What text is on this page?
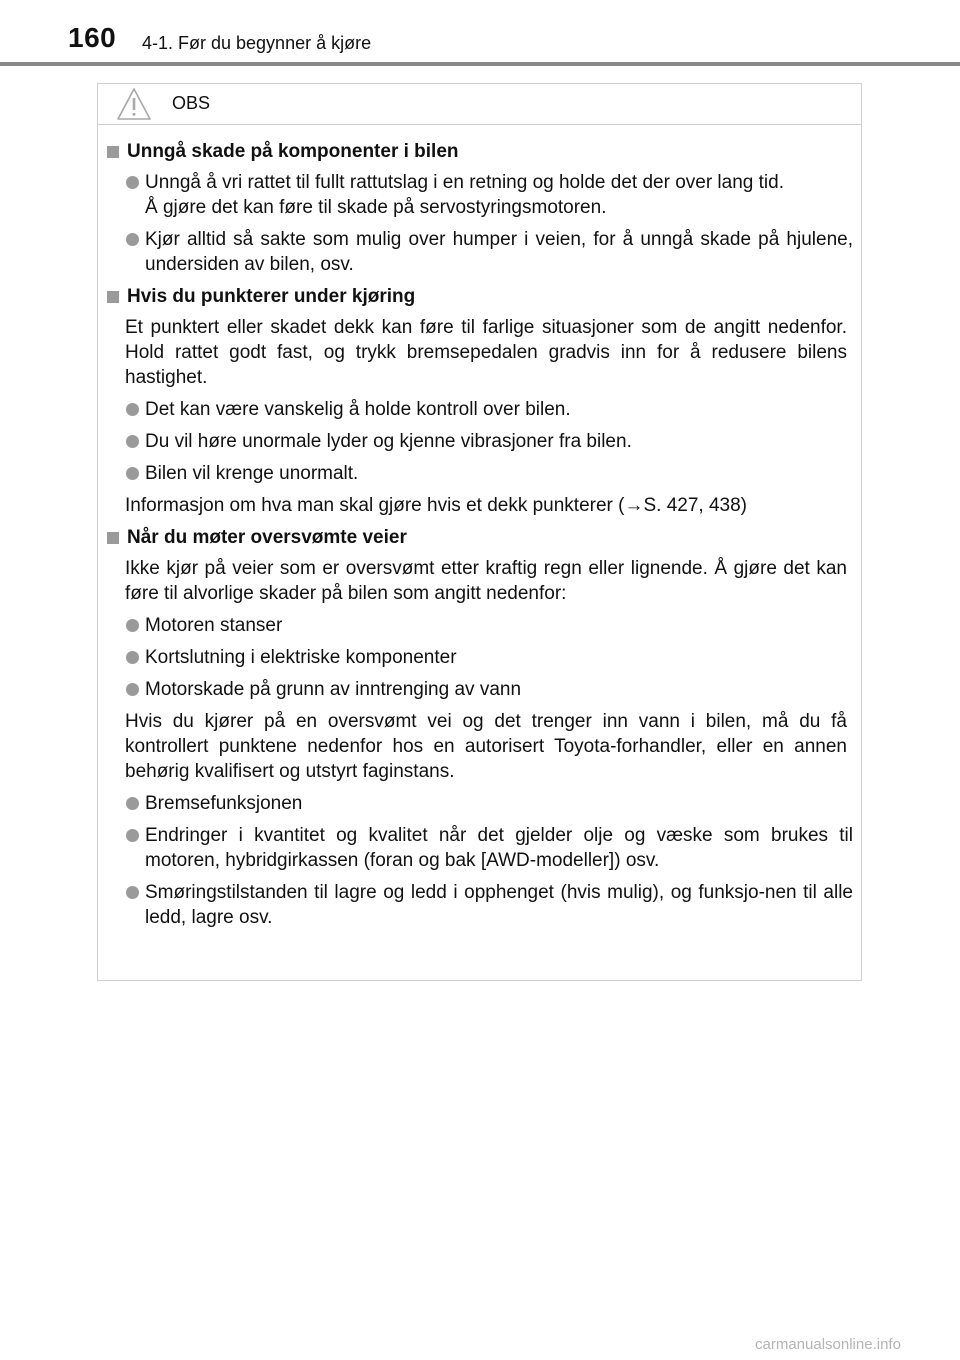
160 4-1. Før du begynner å kjøre
OBS
Unngå skade på komponenter i bilen
Unngå å vri rattet til fullt rattutslag i en retning og holde det der over lang tid.
Å gjøre det kan føre til skade på servostyringsmotoren.
Kjør alltid så sakte som mulig over humper i veien, for å unngå skade på hjulene, undersiden av bilen, osv.
Hvis du punkterer under kjøring
Et punktert eller skadet dekk kan føre til farlige situasjoner som de angitt nedenfor. Hold rattet godt fast, og trykk bremsepedalen gradvis inn for å redusere bilens hastighet.
Det kan være vanskelig å holde kontroll over bilen.
Du vil høre unormale lyder og kjenne vibrasjoner fra bilen.
Bilen vil krenge unormalt.
Informasjon om hva man skal gjøre hvis et dekk punkterer (→S. 427, 438)
Når du møter oversvømte veier
Ikke kjør på veier som er oversvømt etter kraftig regn eller lignende. Å gjøre det kan føre til alvorlige skader på bilen som angitt nedenfor:
Motoren stanser
Kortslutning i elektriske komponenter
Motorskade på grunn av inntrenging av vann
Hvis du kjører på en oversvømt vei og det trenger inn vann i bilen, må du få kontrollert punktene nedenfor hos en autorisert Toyota-forhandler, eller en annen behørig kvalifisert og utstyrt faginstans.
Bremsefunksjonen
Endringer i kvantitet og kvalitet når det gjelder olje og væske som brukes til motoren, hybridgirkassen (foran og bak [AWD-modeller]) osv.
Smøringstilstanden til lagre og ledd i opphenget (hvis mulig), og funksjo-nen til alle ledd, lagre osv.
carmanualsonline.info
